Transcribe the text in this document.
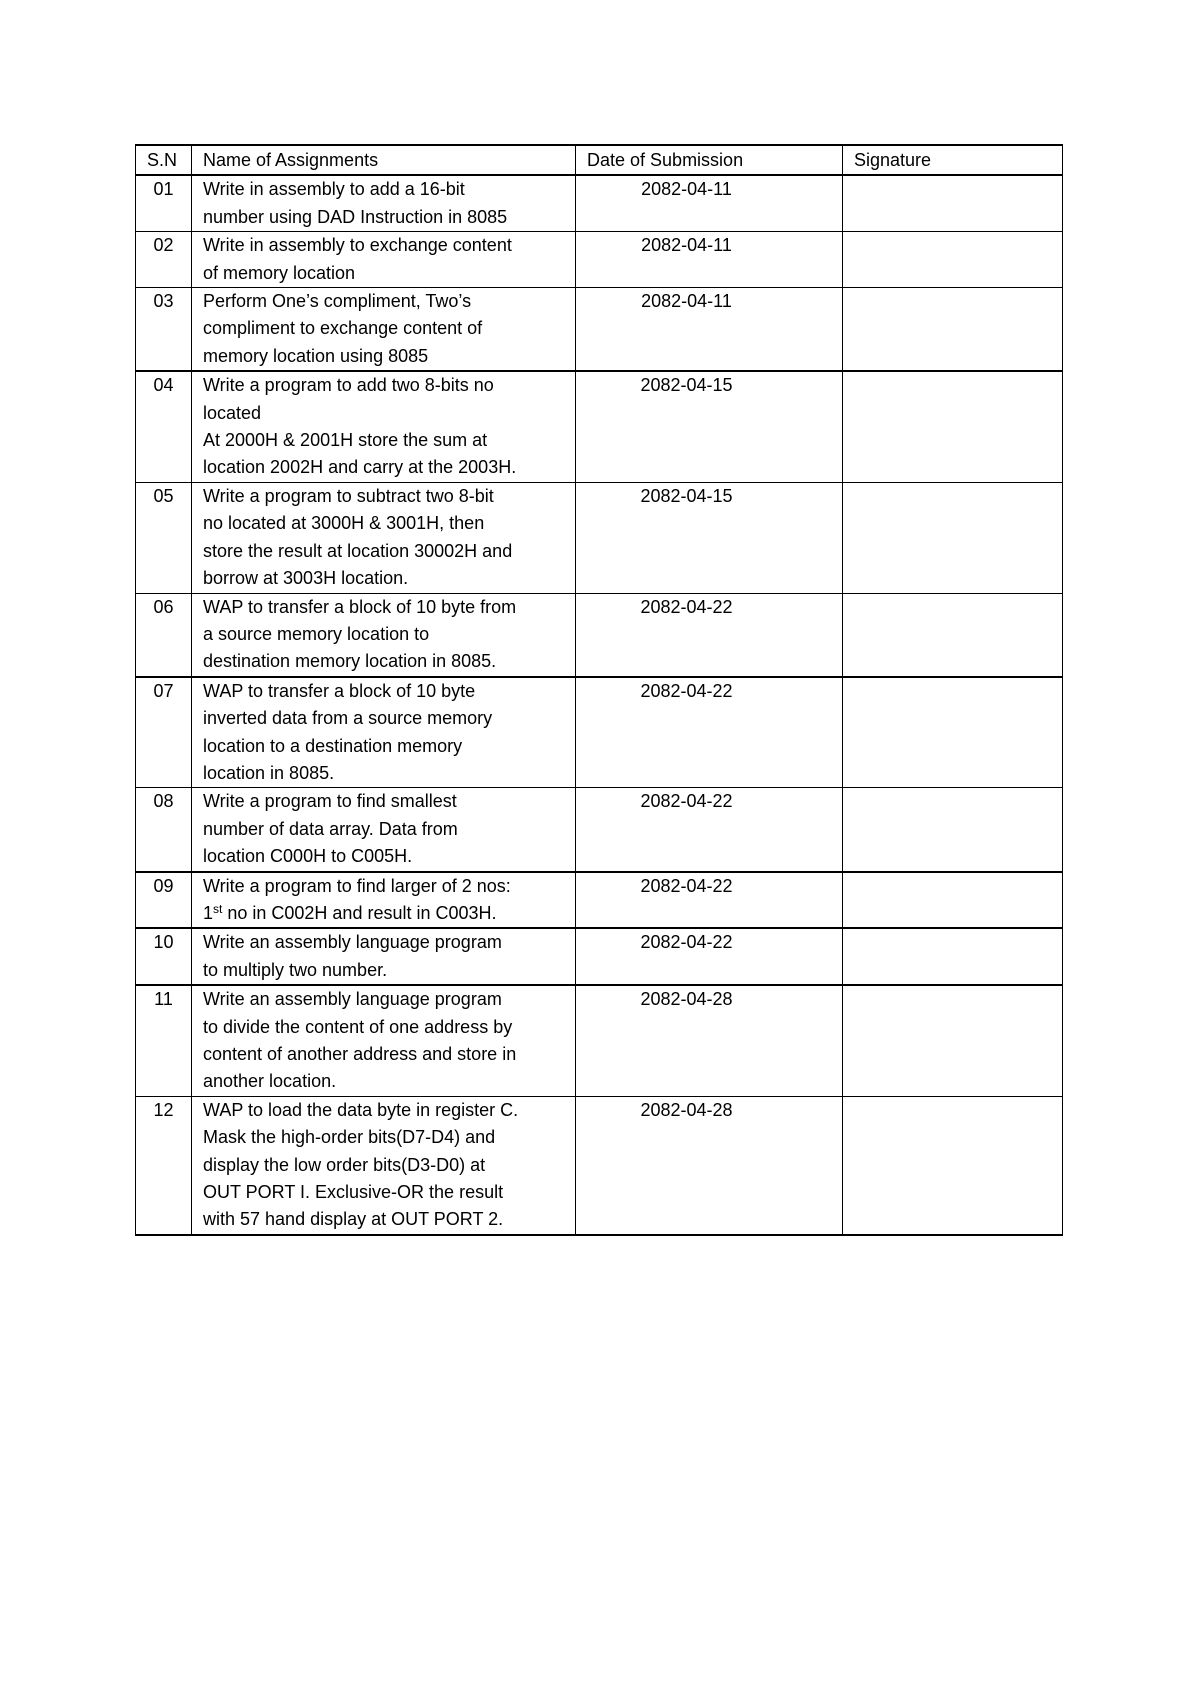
S.N	Name of Assignments	Date of Submission	Signature
01	Write in assembly to add a 16-bit
number using DAD Instruction in 8085	2082-04-11	
02	Write in assembly to exchange content
of memory location	2082-04-11	
03	Perform One’s compliment, Two’s
compliment to exchange content of
memory location using 8085	2082-04-11	
04	Write a program to add two 8-bits no
located
At 2000H & 2001H store the sum at
location 2002H and carry at the 2003H.	2082-04-15	
05	Write a program to subtract two 8-bit
no located at 3000H & 3001H, then
store the result at location 30002H and
borrow at 3003H location.	2082-04-15	
06	WAP to transfer a block of 10 byte from
a source memory location to
destination memory location in 8085.	2082-04-22	
07	WAP to transfer a block of 10 byte
inverted data from a source memory
location to a destination memory
location in 8085.	2082-04-22	
08	Write a program to find smallest
number of data array. Data from
location C000H to C005H.	2082-04-22	
09	Write a program to find larger of 2 nos:
1st no in C002H and result in C003H.	2082-04-22	
10	Write an assembly language program
to multiply two number.	2082-04-22	
11	Write an assembly language program
to divide the content of one address by
content of another address and store in
another location.	2082-04-28	
12	WAP to load the data byte in register C.
Mask the high-order bits(D7-D4) and
display the low order bits(D3-D0) at
OUT PORT I. Exclusive-OR the result
with 57 hand display at OUT PORT 2.	2082-04-28	
